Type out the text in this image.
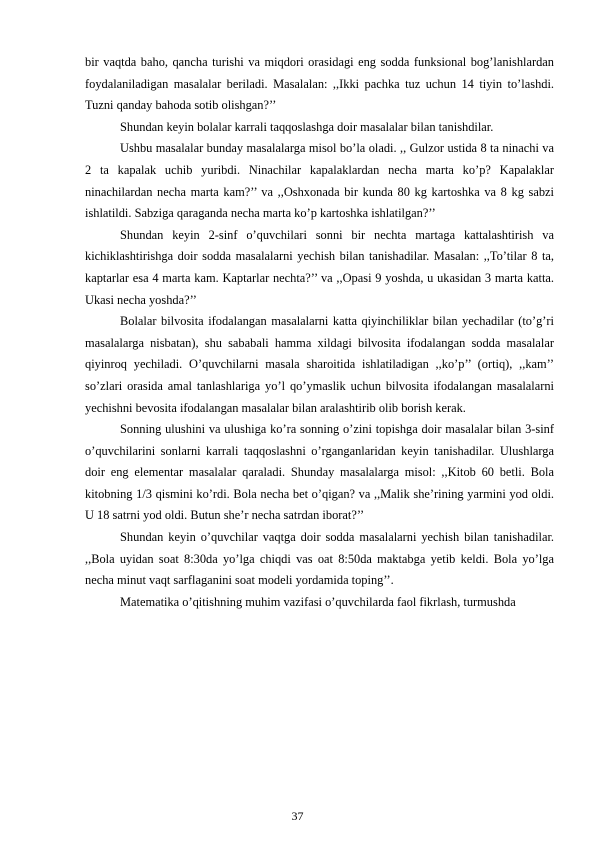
bir vaqtda baho, qancha turishi va miqdori orasidagi eng sodda funksional bog’lanishlardan foydalaniladigan masalalar beriladi. Masalalan: ,,Ikki pachka tuz uchun 14 tiyin to’lashdi. Tuzni qanday bahoda sotib olishgan?’’

Shundan keyin bolalar karrali taqqoslashga doir masalalar bilan tanishdilar.

Ushbu masalalar bunday masalalarga misol bo’la oladi. ,, Gulzor ustida 8 ta ninachi va 2 ta kapalak uchib yuribdi. Ninachilar kapalaklardan necha marta ko’p? Kapalaklar ninachilardan necha marta kam?’’ va ,,Oshxonada bir kunda 80 kg kartoshka va 8 kg sabzi ishlatildi. Sabziga qaraganda necha marta ko’p kartoshka ishlatilgan?’’

Shundan keyin 2-sinf o’quvchilari sonni bir nechta martaga kattalashtirish va kichiklashtirishga doir sodda masalalarni yechish bilan tanishadilar. Masalan: ,,To’tilar 8 ta, kaptarlar esa 4 marta kam. Kaptarlar nechta?’’ va ,,Opasi 9 yoshda, u ukasidan 3 marta katta. Ukasi necha yoshda?’’

Bolalar bilvosita ifodalangan masalalarni katta qiyinchiliklar bilan yechadilar (to’g’ri masalalarga nisbatan), shu sababali hamma xildagi bilvosita ifodalangan sodda masalalar qiyinroq yechiladi. O’quvchilarni masala sharoitida ishlatiladigan ,,ko’p’’ (ortiq), ,,kam’’ so’zlari orasida amal tanlashlariga yo’l qo’ymaslik uchun bilvosita ifodalangan masalalarni yechishni bevosita ifodalangan masalalar bilan aralashtirib olib borish kerak.

Sonning ulushini va ulushiga ko’ra sonning o’zini topishga doir masalalar bilan 3-sinf o’quvchilarini sonlarni karrali taqqoslashni o’rganganlaridan keyin tanishadilar. Ulushlarga doir eng elementar masalalar qaraladi. Shunday masalalarga misol: ,,Kitob 60 betli. Bola kitobning 1/3 qismini ko’rdi. Bola necha bet o’qigan? va ,,Malik she’rining yarmini yod oldi. U 18 satrni yod oldi. Butun she’r necha satrdan iborat?’’

Shundan keyin o’quvchilar vaqtga doir sodda masalalarni yechish bilan tanishadilar. ,,Bola uyidan soat 8:30da yo’lga chiqdi vas oat 8:50da maktabga yetib keldi. Bola yo’lga necha minut vaqt sarflaganini soat modeli yordamida toping’’.

Matematika o’qitishning muhim vazifasi o’quvchilarda faol fikrlash, turmushda

37
